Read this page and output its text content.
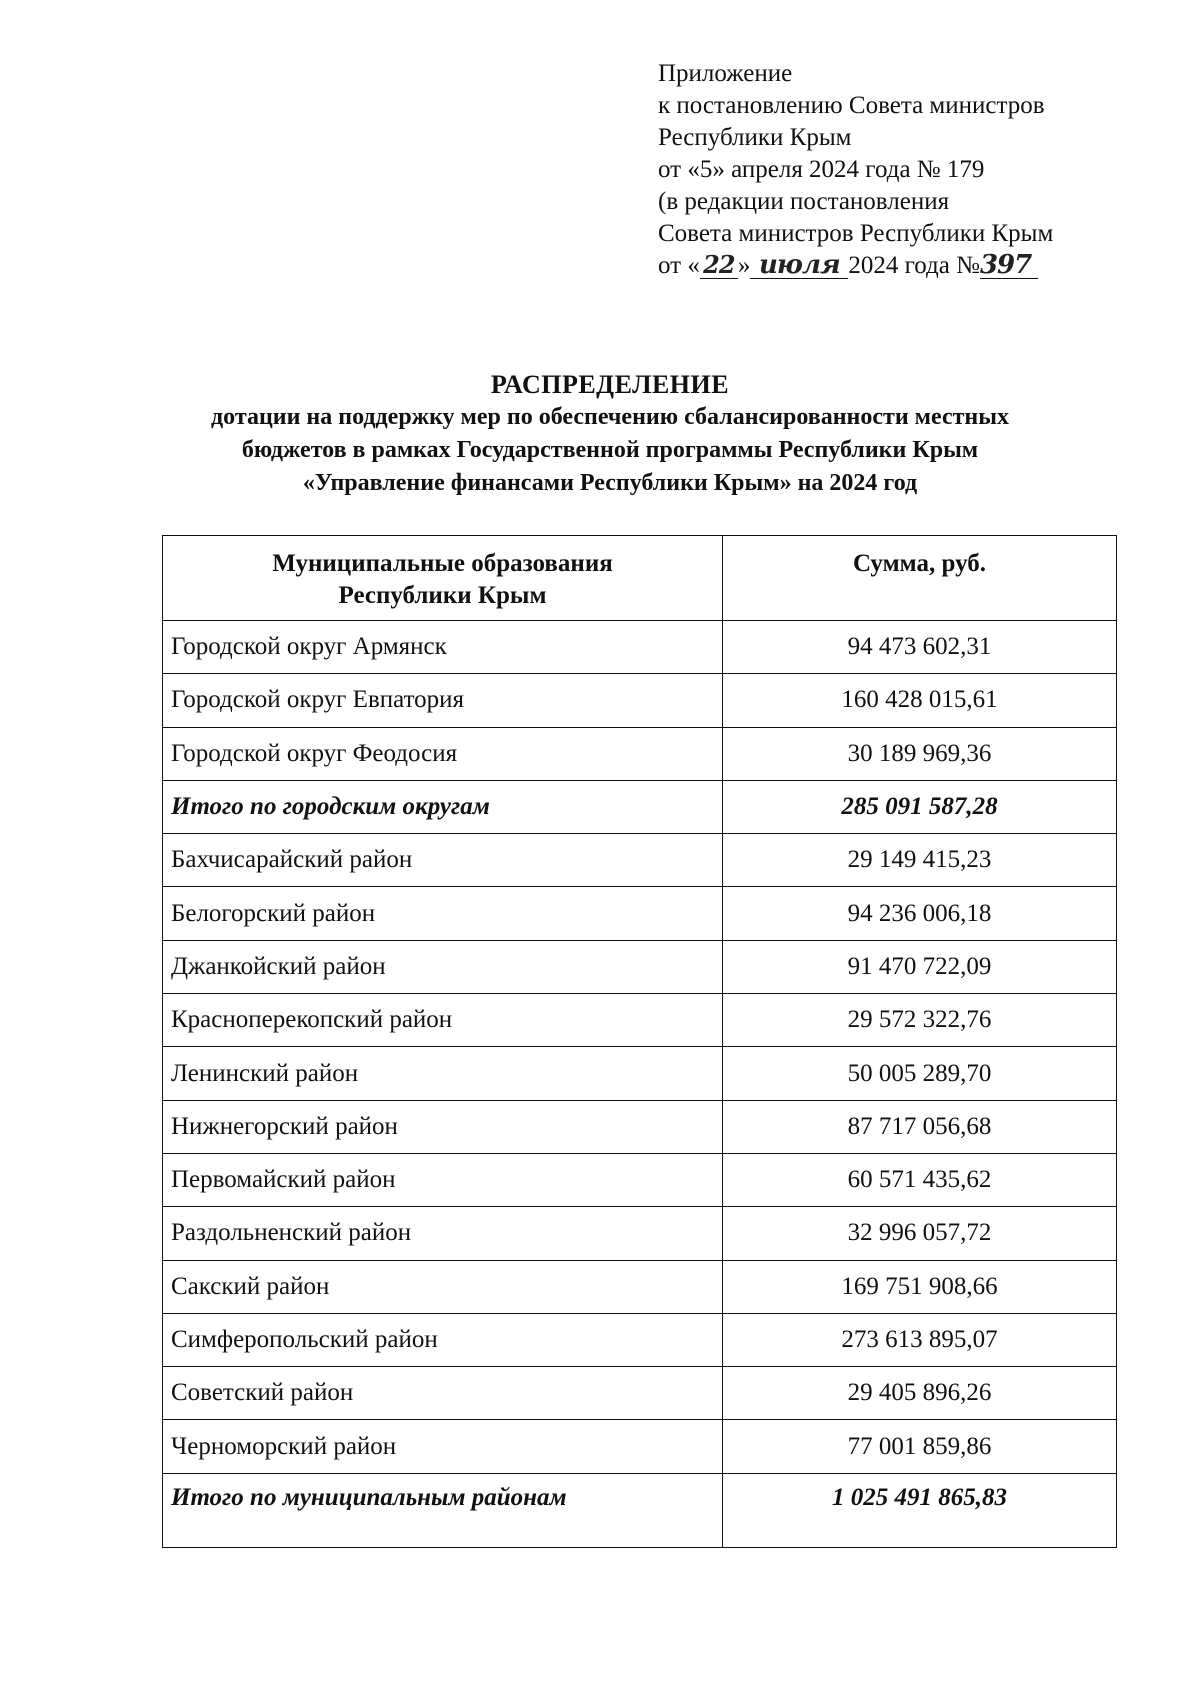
Приложение
к постановлению Совета министров
Республики Крым
от «5» апреля 2024 года № 179
(в редакции постановления
Совета министров Республики Крым
от « 22 » июля 2024 года №397
РАСПРЕДЕЛЕНИЕ
дотации на поддержку мер по обеспечению сбалансированности местных
бюджетов в рамках Государственной программы Республики Крым
«Управление финансами Республики Крым» на 2024 год
Муниципальные образования
Республики Крым	Сумма, руб.
Городской округ Армянск	94 473 602,31
Городской округ Евпатория	160 428 015,61
Городской округ Феодосия	30 189 969,36
Итого по городским округам	285 091 587,28
Бахчисарайский район	29 149 415,23
Белогорский район	94 236 006,18
Джанкойский район	91 470 722,09
Красноперекопский район	29 572 322,76
Ленинский район	50 005 289,70
Нижнегорский район	87 717 056,68
Первомайский район	60 571 435,62
Раздольненский район	32 996 057,72
Сакский район	169 751 908,66
Симферопольский район	273 613 895,07
Советский район	29 405 896,26
Черноморский район	77 001 859,86
Итого по муниципальным районам	1 025 491 865,83
